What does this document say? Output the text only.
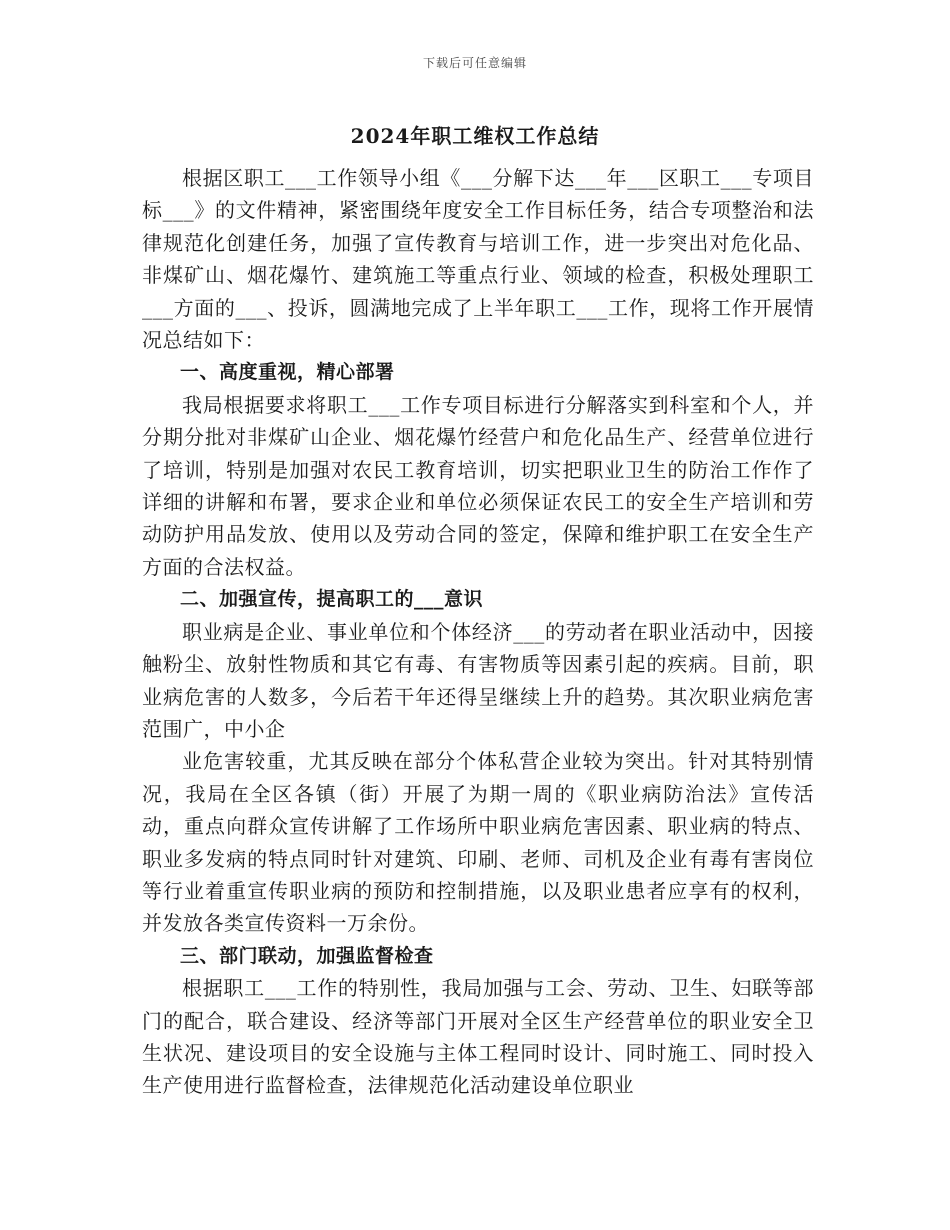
下载后可任意编辑
2024年职工维权工作总结

根据区职工___工作领导小组《___分解下达___年___区职工___专项目标___》的文件精神，紧密围绕年度安全工作目标任务，结合专项整治和法律规范化创建任务，加强了宣传教育与培训工作，进一步突出对危化品、非煤矿山、烟花爆竹、建筑施工等重点行业、领域的检查，积极处理职工___方面的___、投诉，圆满地完成了上半年职工___工作，现将工作开展情况总结如下：

一、高度重视，精心部署

我局根据要求将职工___工作专项目标进行分解落实到科室和个人，并分期分批对非煤矿山企业、烟花爆竹经营户和危化品生产、经营单位进行了培训，特别是加强对农民工教育培训，切实把职业卫生的防治工作作了详细的讲解和布署，要求企业和单位必须保证农民工的安全生产培训和劳动防护用品发放、使用以及劳动合同的签定，保障和维护职工在安全生产方面的合法权益。

二、加强宣传，提高职工的___意识

职业病是企业、事业单位和个体经济___的劳动者在职业活动中，因接触粉尘、放射性物质和其它有毒、有害物质等因素引起的疾病。目前，职业病危害的人数多，今后若干年还得呈继续上升的趋势。其次职业病危害范围广，中小企

业危害较重，尤其反映在部分个体私营企业较为突出。针对其特别情况，我局在全区各镇（街）开展了为期一周的《职业病防治法》宣传活动，重点向群众宣传讲解了工作场所中职业病危害因素、职业病的特点、职业多发病的特点同时针对建筑、印刷、老师、司机及企业有毒有害岗位等行业着重宣传职业病的预防和控制措施，以及职业患者应享有的权利，并发放各类宣传资料一万余份。

三、部门联动，加强监督检查

根据职工___工作的特别性，我局加强与工会、劳动、卫生、妇联等部门的配合，联合建设、经济等部门开展对全区生产经营单位的职业安全卫生状况、建设项目的安全设施与主体工程同时设计、同时施工、同时投入生产使用进行监督检查，法律规范化活动建设单位职业
